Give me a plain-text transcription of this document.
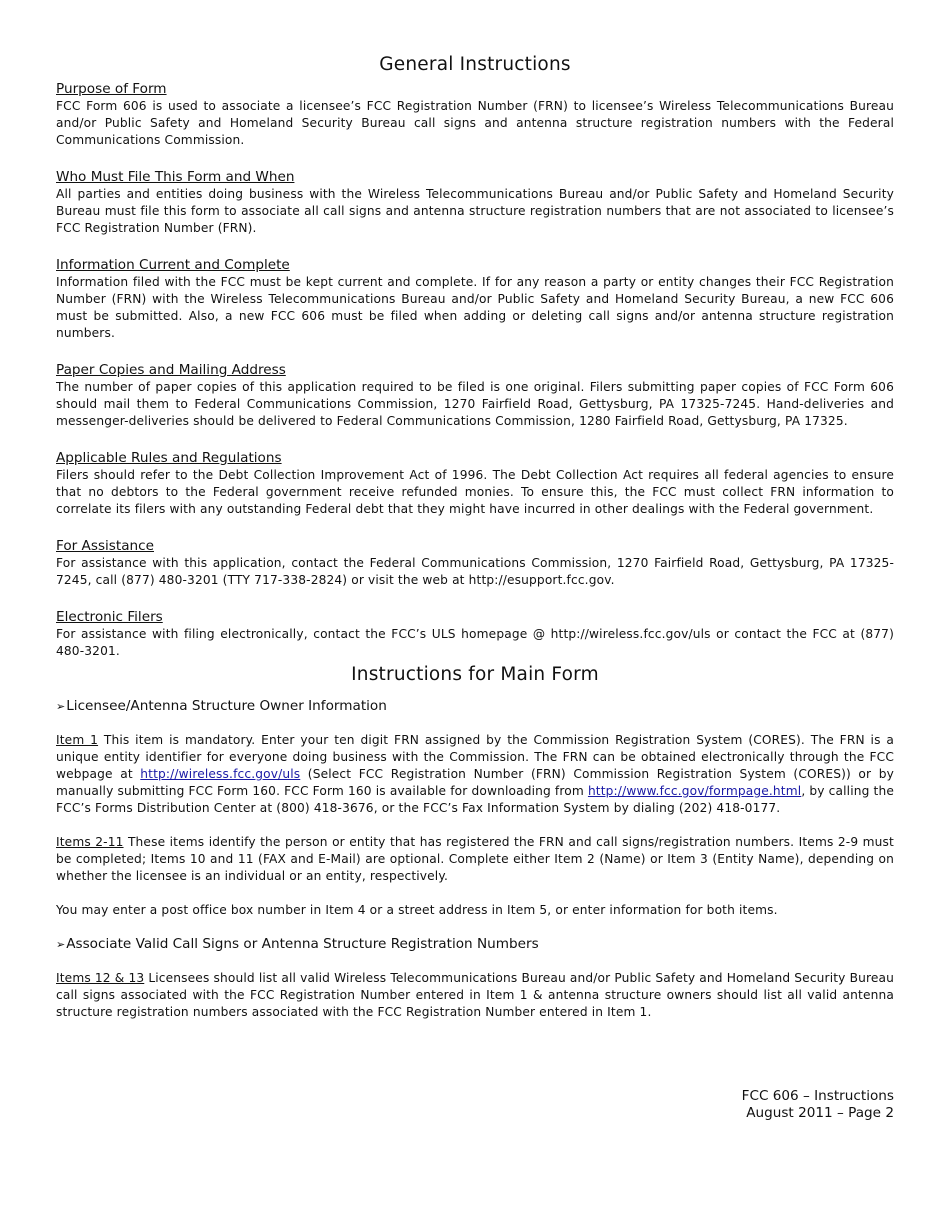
General Instructions
Purpose of Form

FCC Form 606 is used to associate a licensee’s FCC Registration Number (FRN) to licensee’s Wireless Telecommunications Bureau and/or Public Safety and Homeland Security Bureau call signs and antenna structure registration numbers with the Federal Communications Commission.

Who Must File This Form and When

All parties and entities doing business with the Wireless Telecommunications Bureau and/or Public Safety and Homeland Security Bureau must file this form to associate all call signs and antenna structure registration numbers that are not associated to licensee’s FCC Registration Number (FRN).

Information Current and Complete

Information filed with the FCC must be kept current and complete. If for any reason a party or entity changes their FCC Registration Number (FRN) with the Wireless Telecommunications Bureau and/or Public Safety and Homeland Security Bureau, a new FCC 606 must be submitted. Also, a new FCC 606 must be filed when adding or deleting call signs and/or antenna structure registration numbers.

Paper Copies and Mailing Address

The number of paper copies of this application required to be filed is one original. Filers submitting paper copies of FCC Form 606 should mail them to Federal Communications Commission, 1270 Fairfield Road, Gettysburg, PA 17325-7245. Hand-deliveries and messenger-deliveries should be delivered to Federal Communications Commission, 1280 Fairfield Road, Gettysburg, PA 17325.

Applicable Rules and Regulations

Filers should refer to the Debt Collection Improvement Act of 1996. The Debt Collection Act requires all federal agencies to ensure that no debtors to the Federal government receive refunded monies. To ensure this, the FCC must collect FRN information to correlate its filers with any outstanding Federal debt that they might have incurred in other dealings with the Federal government.

For Assistance

For assistance with this application, contact the Federal Communications Commission, 1270 Fairfield Road, Gettysburg, PA 17325-7245, call (877) 480-3201 (TTY 717-338-2824) or visit the web at http://esupport.fcc.gov.

Electronic Filers

For assistance with filing electronically, contact the FCC’s ULS homepage @ http://wireless.fcc.gov/uls or contact the FCC at (877) 480-3201.

Instructions for Main Form
➢Licensee/Antenna Structure Owner Information

Item 1 This item is mandatory. Enter your ten digit FRN assigned by the Commission Registration System (CORES). The FRN is a unique entity identifier for everyone doing business with the Commission. The FRN can be obtained electronically through the FCC webpage at http://wireless.fcc.gov/uls (Select FCC Registration Number (FRN) Commission Registration System (CORES)) or by manually submitting FCC Form 160. FCC Form 160 is available for downloading from http://www.fcc.gov/formpage.html, by calling the FCC’s Forms Distribution Center at (800) 418-3676, or the FCC’s Fax Information System by dialing (202) 418-0177.

Items 2-11 These items identify the person or entity that has registered the FRN and call signs/registration numbers. Items 2-9 must be completed; Items 10 and 11 (FAX and E-Mail) are optional. Complete either Item 2 (Name) or Item 3 (Entity Name), depending on whether the licensee is an individual or an entity, respectively.

You may enter a post office box number in Item 4 or a street address in Item 5, or enter information for both items.

➢Associate Valid Call Signs or Antenna Structure Registration Numbers

Items 12 & 13 Licensees should list all valid Wireless Telecommunications Bureau and/or Public Safety and Homeland Security Bureau call signs associated with the FCC Registration Number entered in Item 1 & antenna structure owners should list all valid antenna structure registration numbers associated with the FCC Registration Number entered in Item 1.

FCC 606 – Instructions
August 2011 – Page 2
